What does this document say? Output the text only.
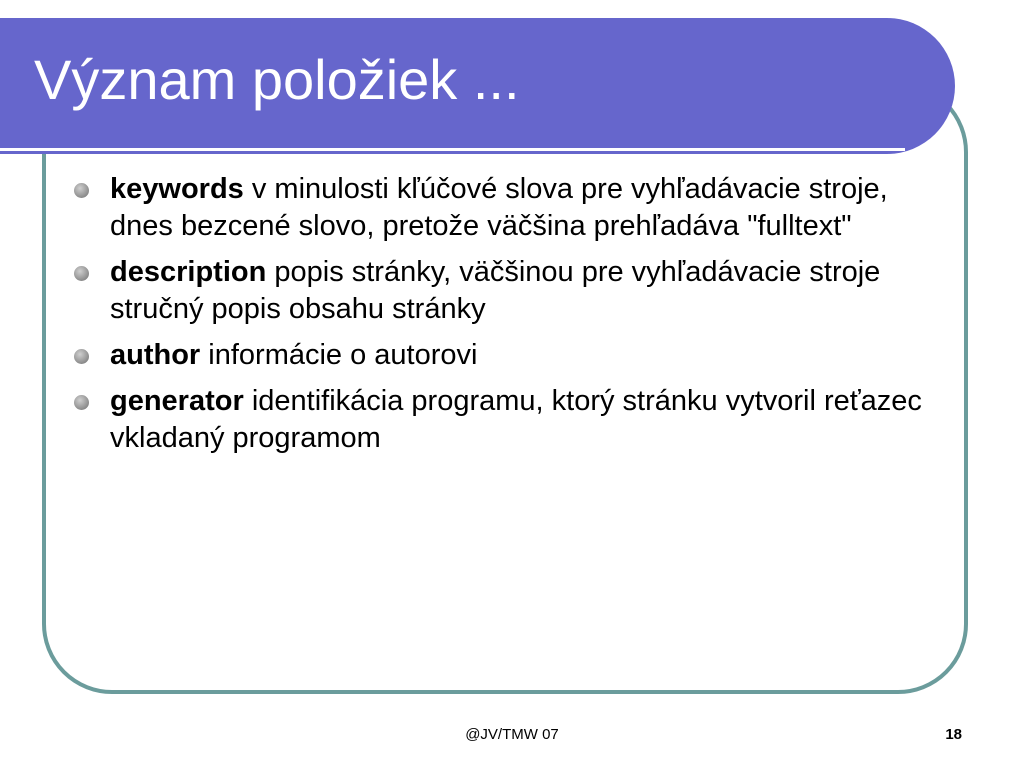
Význam položiek ...
keywords v minulosti kľúčové slova pre vyhľadávacie stroje, dnes bezcené slovo, pretože väčšina prehľadáva "fulltext"
description popis stránky, väčšinou pre vyhľadávacie stroje stručný popis obsahu stránky
author informácie o autorovi
generator identifikácia programu, ktorý stránku vytvoril reťazec vkladaný programom
@JV/TMW 07	18
